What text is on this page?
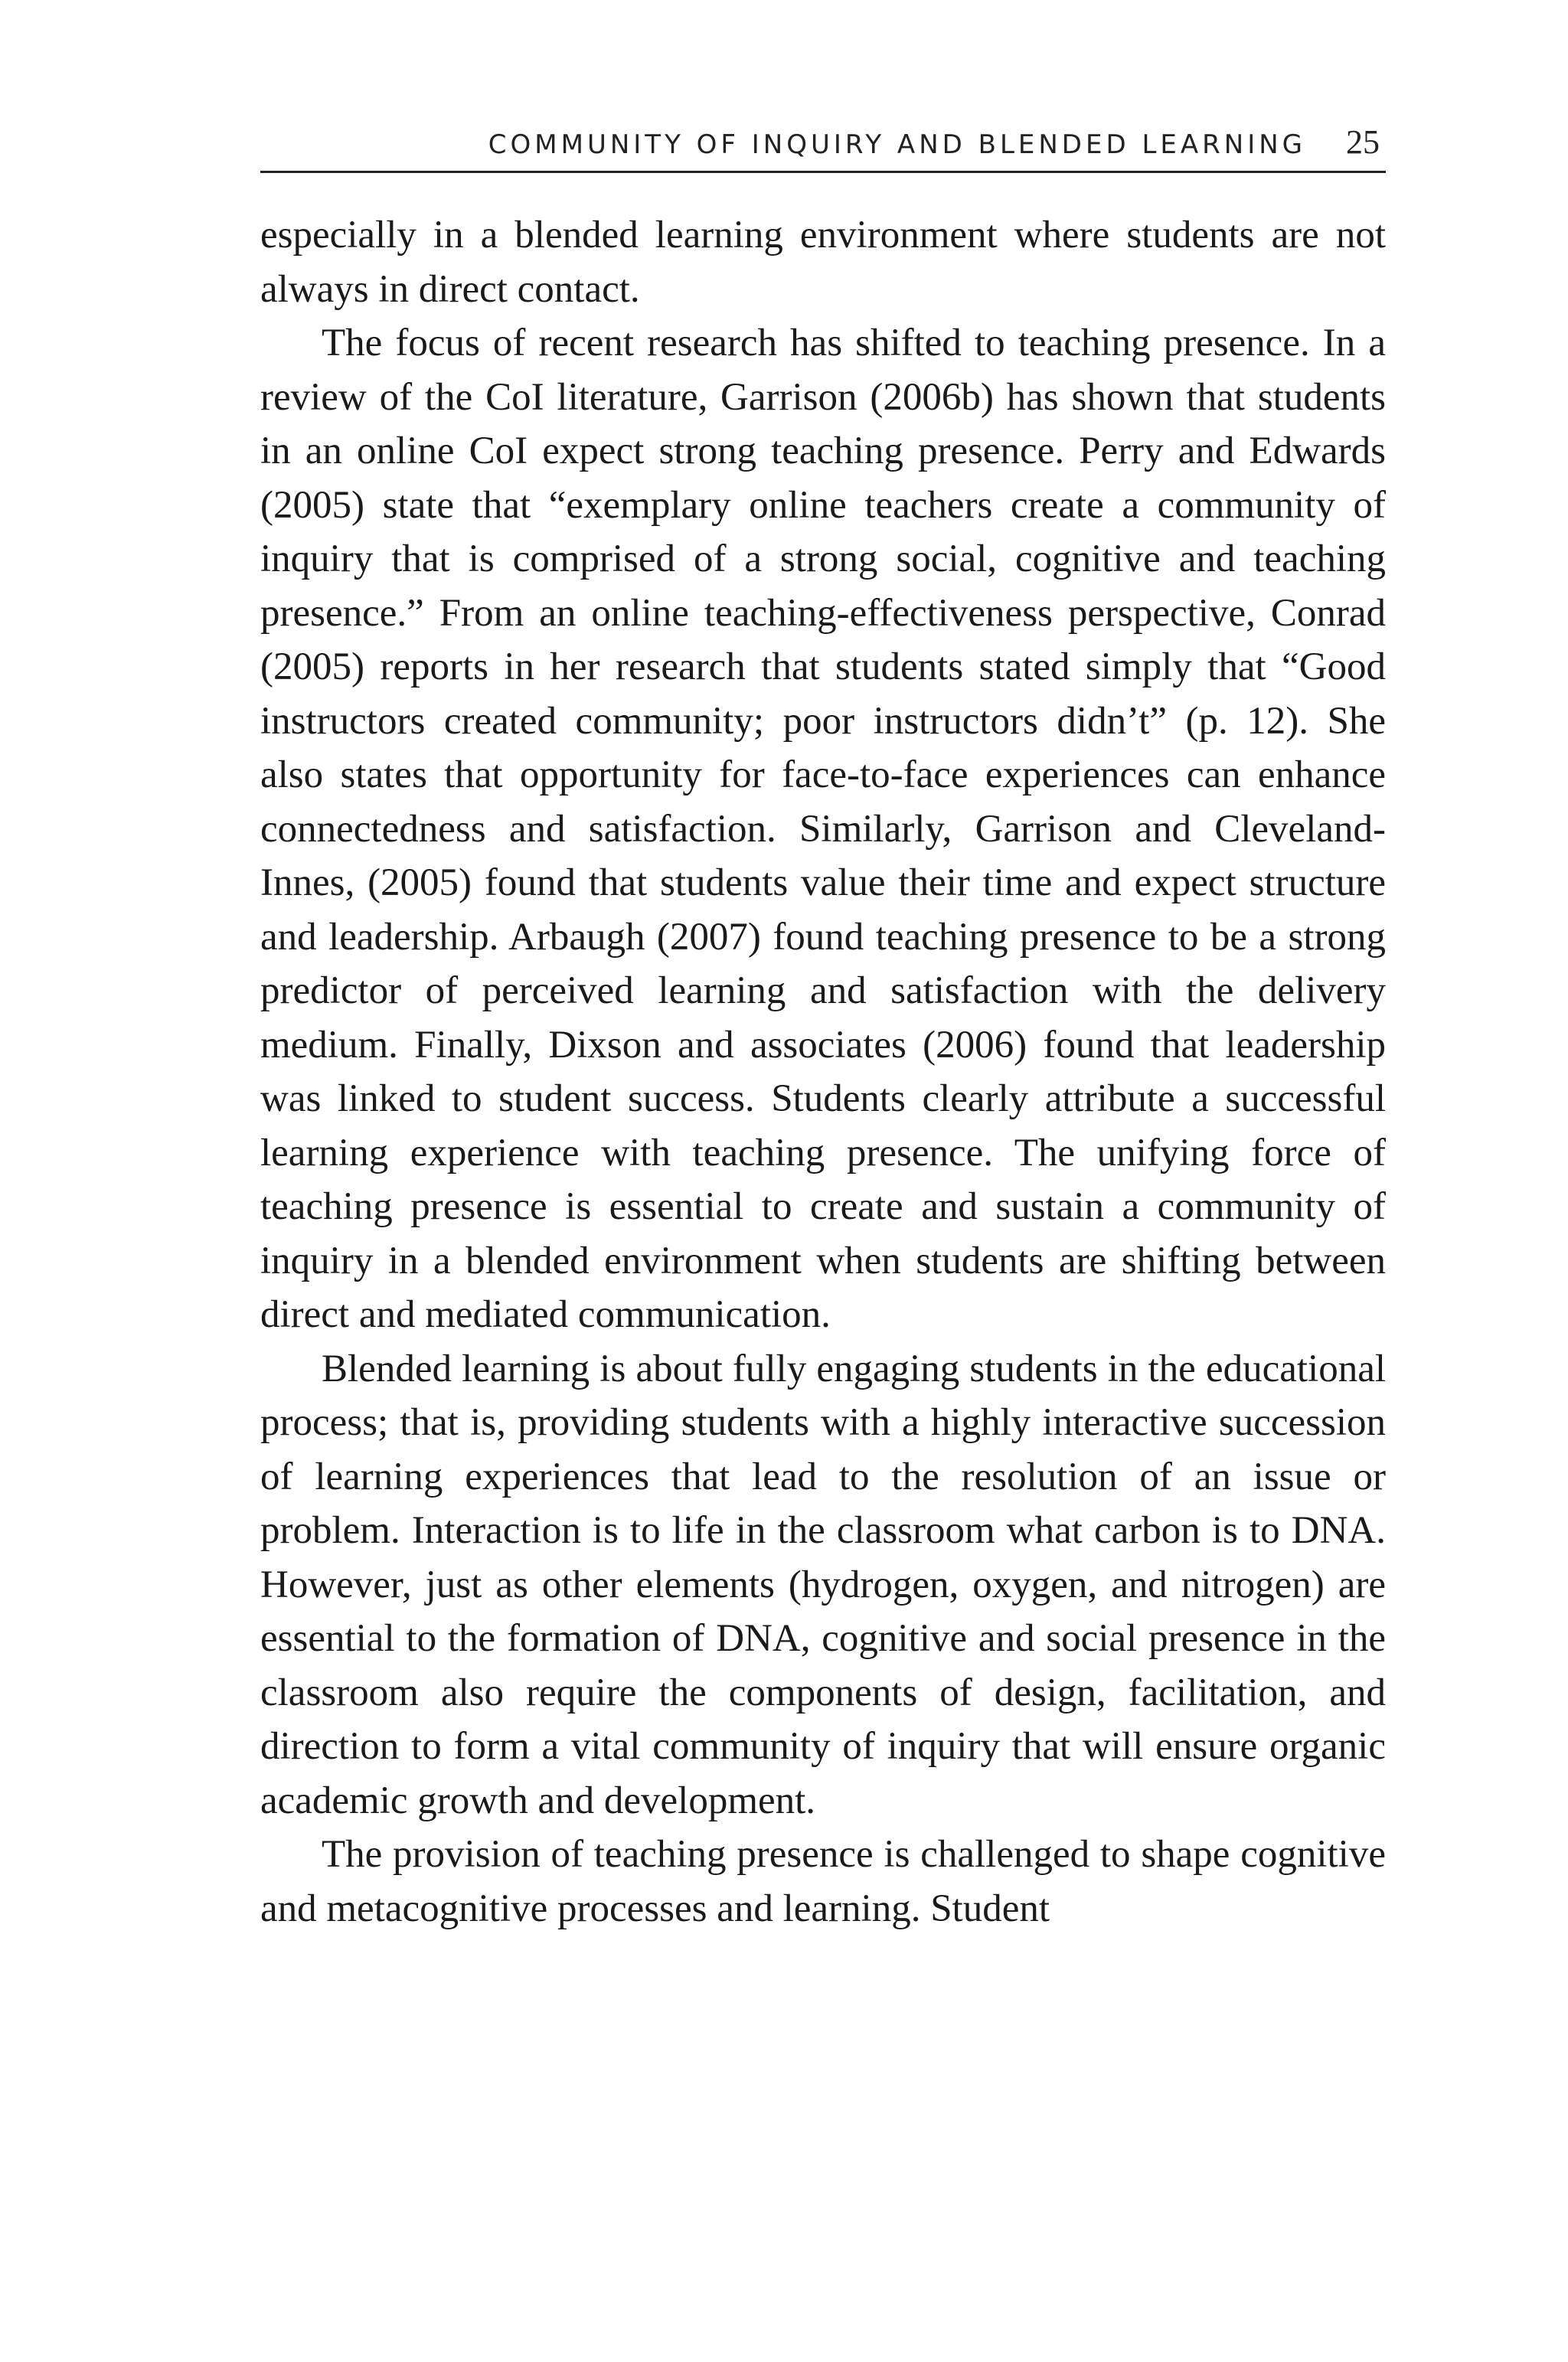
COMMUNITY OF INQUIRY AND BLENDED LEARNING 25

especially in a blended learning environment where students are not always in direct contact.

The focus of recent research has shifted to teaching presence. In a review of the CoI literature, Garrison (2006b) has shown that students in an online CoI expect strong teaching presence. Perry and Edwards (2005) state that “exemplary online teachers create a community of inquiry that is comprised of a strong social, cognitive and teaching presence.” From an online teaching-effectiveness perspective, Conrad (2005) reports in her research that students stated simply that “Good instructors created community; poor instructors didn’t” (p. 12). She also states that opportunity for face-to-face experiences can enhance connectedness and satisfaction. Similarly, Garrison and Cleveland-Innes, (2005) found that students value their time and expect structure and leadership. Arbaugh (2007) found teaching presence to be a strong predictor of perceived learning and satisfaction with the delivery medium. Finally, Dixson and associates (2006) found that leadership was linked to student success. Students clearly attribute a successful learning experience with teaching presence. The unifying force of teaching presence is essential to create and sustain a community of inquiry in a blended environment when students are shifting between direct and mediated communication.

Blended learning is about fully engaging students in the educational process; that is, providing students with a highly interactive succession of learning experiences that lead to the resolution of an issue or problem. Interaction is to life in the classroom what carbon is to DNA. However, just as other elements (hydrogen, oxygen, and nitrogen) are essential to the formation of DNA, cognitive and social presence in the classroom also require the components of design, facilitation, and direction to form a vital community of inquiry that will ensure organic academic growth and development.

The provision of teaching presence is challenged to shape cognitive and metacognitive processes and learning. Student
